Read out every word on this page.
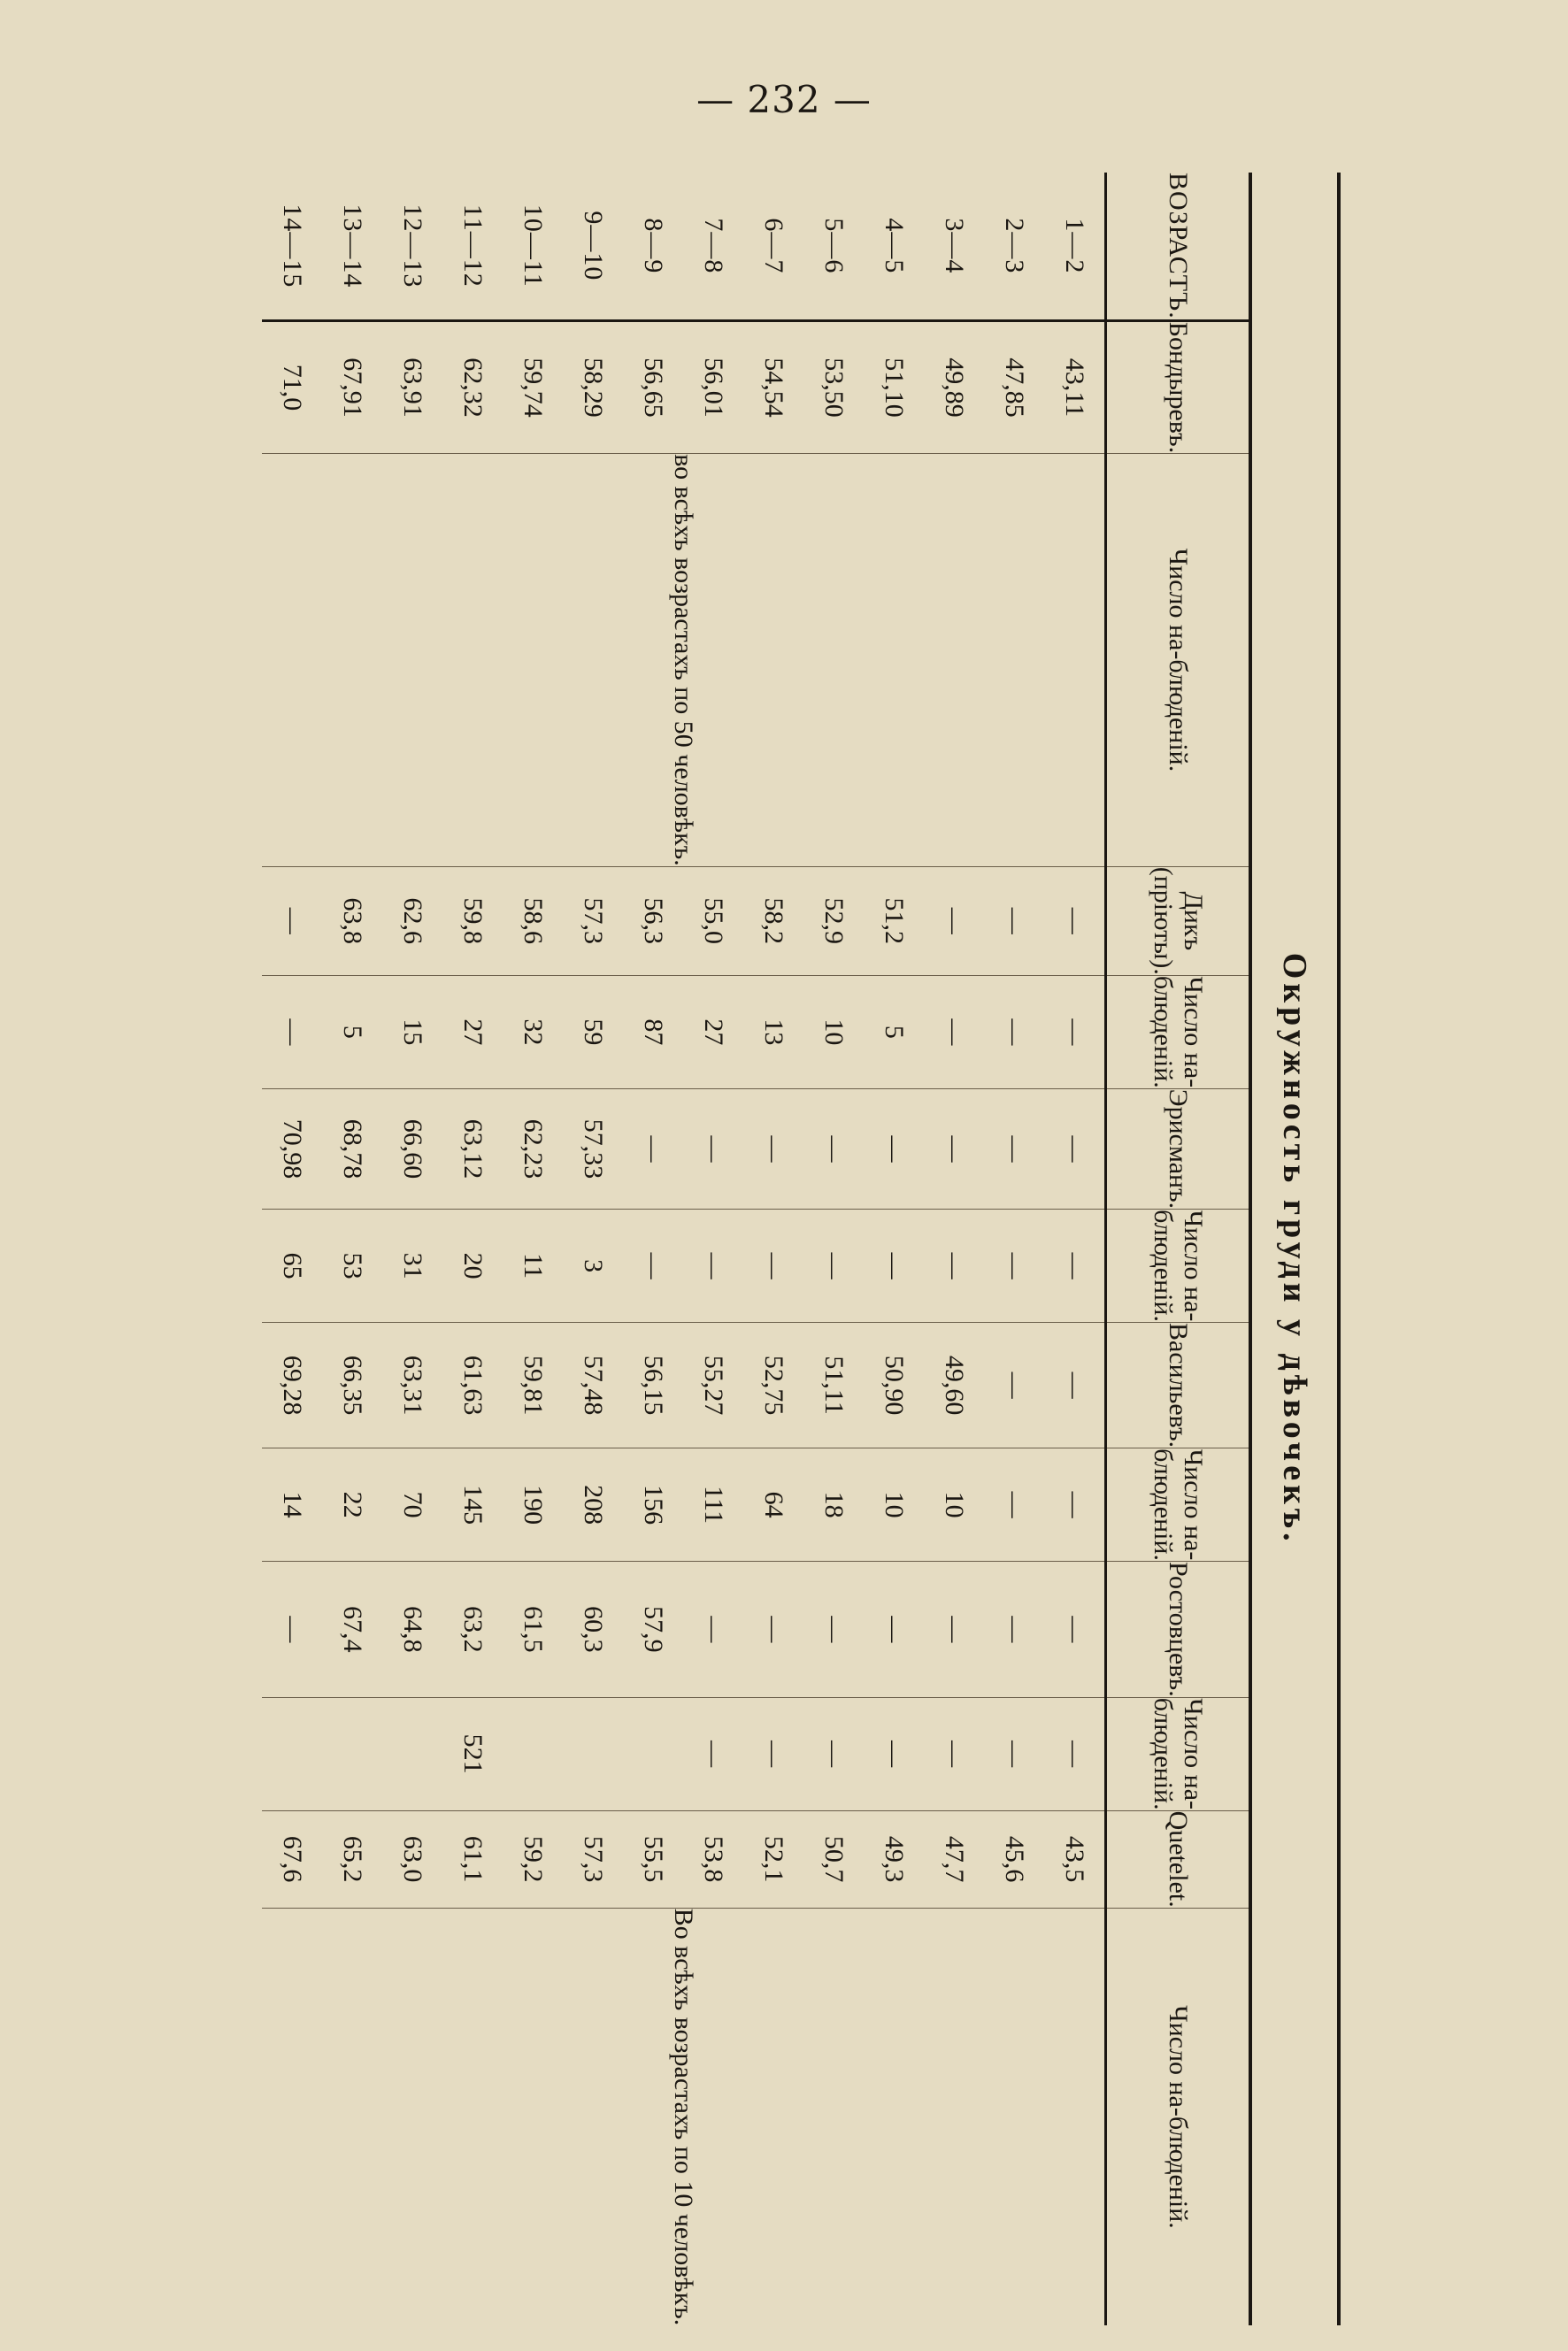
— 232 —
Окружность груди у дѣвочекъ.												
ВОЗРАСТЪ.	Бондыревъ.	Число на-блюденій.	Дикъ (пріюты).	Число на-блюденій.	Эрисманъ.	Число на-блюденій.	Васильевъ.	Число на-блюденій.	Ростовцевъ.	Число на-блюденій.	Quetelet.	Число на-блюденій.
1—2	43,11	во всѣхъ возрастахъ по 50 человѣкъ.	—	—	—	—	—	—	—	—	43,5	Во всѣхъ возрастахъ по 10 человѣкъ.
2—3	47,85		—	—	—	—	—	—	—	—	45,6	
3—4	49,89		—	—	—	—	49,60	10	—	—	47,7	
4—5	51,10		51,2	5	—	—	50,90	10	—	—	49,3	
5—6	53,50		52,9	10	—	—	51,11	18	—	—	50,7	
6—7	54,54		58,2	13	—	—	52,75	64	—	—	52,1	
7—8	56,01		55,0	27	—	—	55,27	111	—	—	53,8	
8—9	56,65		56,3	87	—	—	56,15	156	57,9	521	55,5	
9—10	58,29		57,3	59	57,33	3	57,48	208	60,3		57,3	
10—11	59,74		58,6	32	62,23	11	59,81	190	61,5		59,2	
11—12	62,32		59,8	27	63,12	20	61,63	145	63,2		61,1	
12—13	63,91		62,6	15	66,60	31	63,31	70	64,8		63,0	
13—14	67,91		63,8	5	68,78	53	66,35	22	67,4		65,2	
14—15	71,0		—	—	70,98	65	69,28	14	—		67,6	
